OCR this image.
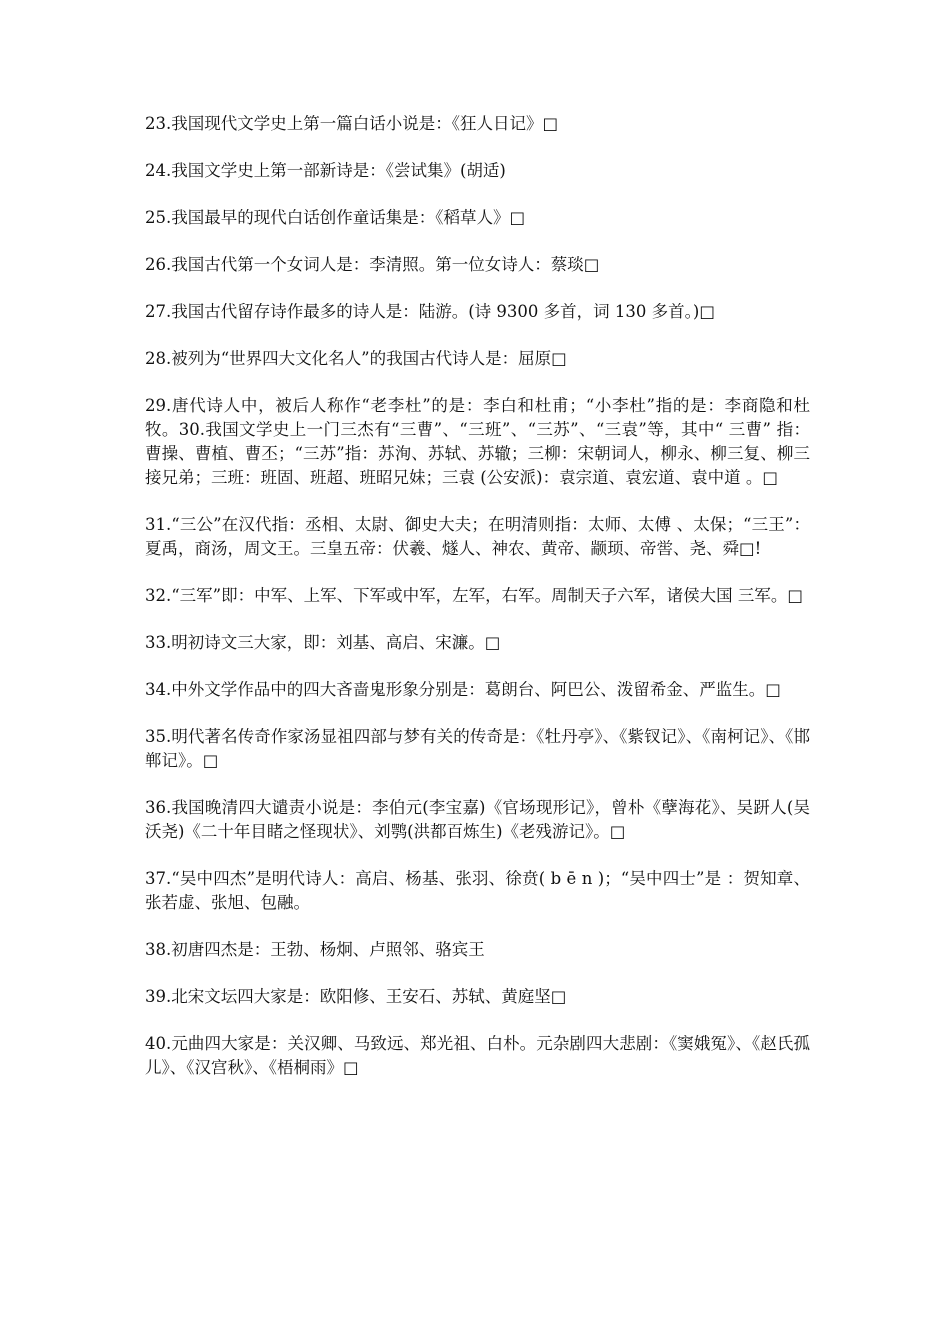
23.我国现代文学史上第一篇白话小说是：《狂人日记》□

24.我国文学史上第一部新诗是：《尝试集》(胡适)

25.我国最早的现代白话创作童话集是：《稻草人》□

26.我国古代第一个女词人是：李清照。第一位女诗人：蔡琰□

27.我国古代留存诗作最多的诗人是：陆游。(诗 9300 多首，词 130 多首。)□

28.被列为“世界四大文化名人”的我国古代诗人是：屈原□

29.唐代诗人中，被后人称作“老李杜”的是：李白和杜甫；“小李杜”指的是：李商隐和杜牧。30.我国文学史上一门三杰有“三曹”、“三班”、“三苏”、“三袁”等，其中“ 三曹” 指：曹操、曹植、曹丕；“三苏”指：苏洵、苏轼、苏辙；三柳：宋朝词人，柳永、柳三复、柳三接兄弟；三班：班固、班超、班昭兄妹；三袁 (公安派)：袁宗道、袁宏道、袁中道 。□

31.“三公”在汉代指：丞相、太尉、御史大夫；在明清则指：太师、太傅 、太保；“三王”：夏禹，商汤，周文王。三皇五帝：伏羲、燧人、神农、黄帝、颛顼、帝喾、尧、舜□!

32.“三军”即：中军、上军、下军或中军，左军，右军。周制天子六军，诸侯大国 三军。□

33.明初诗文三大家，即：刘基、高启、宋濂。□

34.中外文学作品中的四大吝啬鬼形象分别是：葛朗台、阿巴公、泼留希金、严监生。□

35.明代著名传奇作家汤显祖四部与梦有关的传奇是：《牡丹亭》、《紫钗记》、《南柯记》、《邯郸记》。□

36.我国晚清四大谴责小说是：李伯元(李宝嘉)《官场现形记》，曾朴《孽海花》、吴趼人(吴沃尧)《二十年目睹之怪现状》、刘鹗(洪都百炼生)《老残游记》。□

37.“吴中四杰”是明代诗人：高启、杨基、张羽、徐贲( b ē n )；“吴中四士”是 ：贺知章、张若虚、张旭、包融。

38.初唐四杰是：王勃、杨炯、卢照邻、骆宾王

39.北宋文坛四大家是：欧阳修、王安石、苏轼、黄庭坚□

40.元曲四大家是：关汉卿、马致远、郑光祖、白朴。元杂剧四大悲剧：《窦娥冤》、《赵氏孤儿》、《汉宫秋》、《梧桐雨》□
